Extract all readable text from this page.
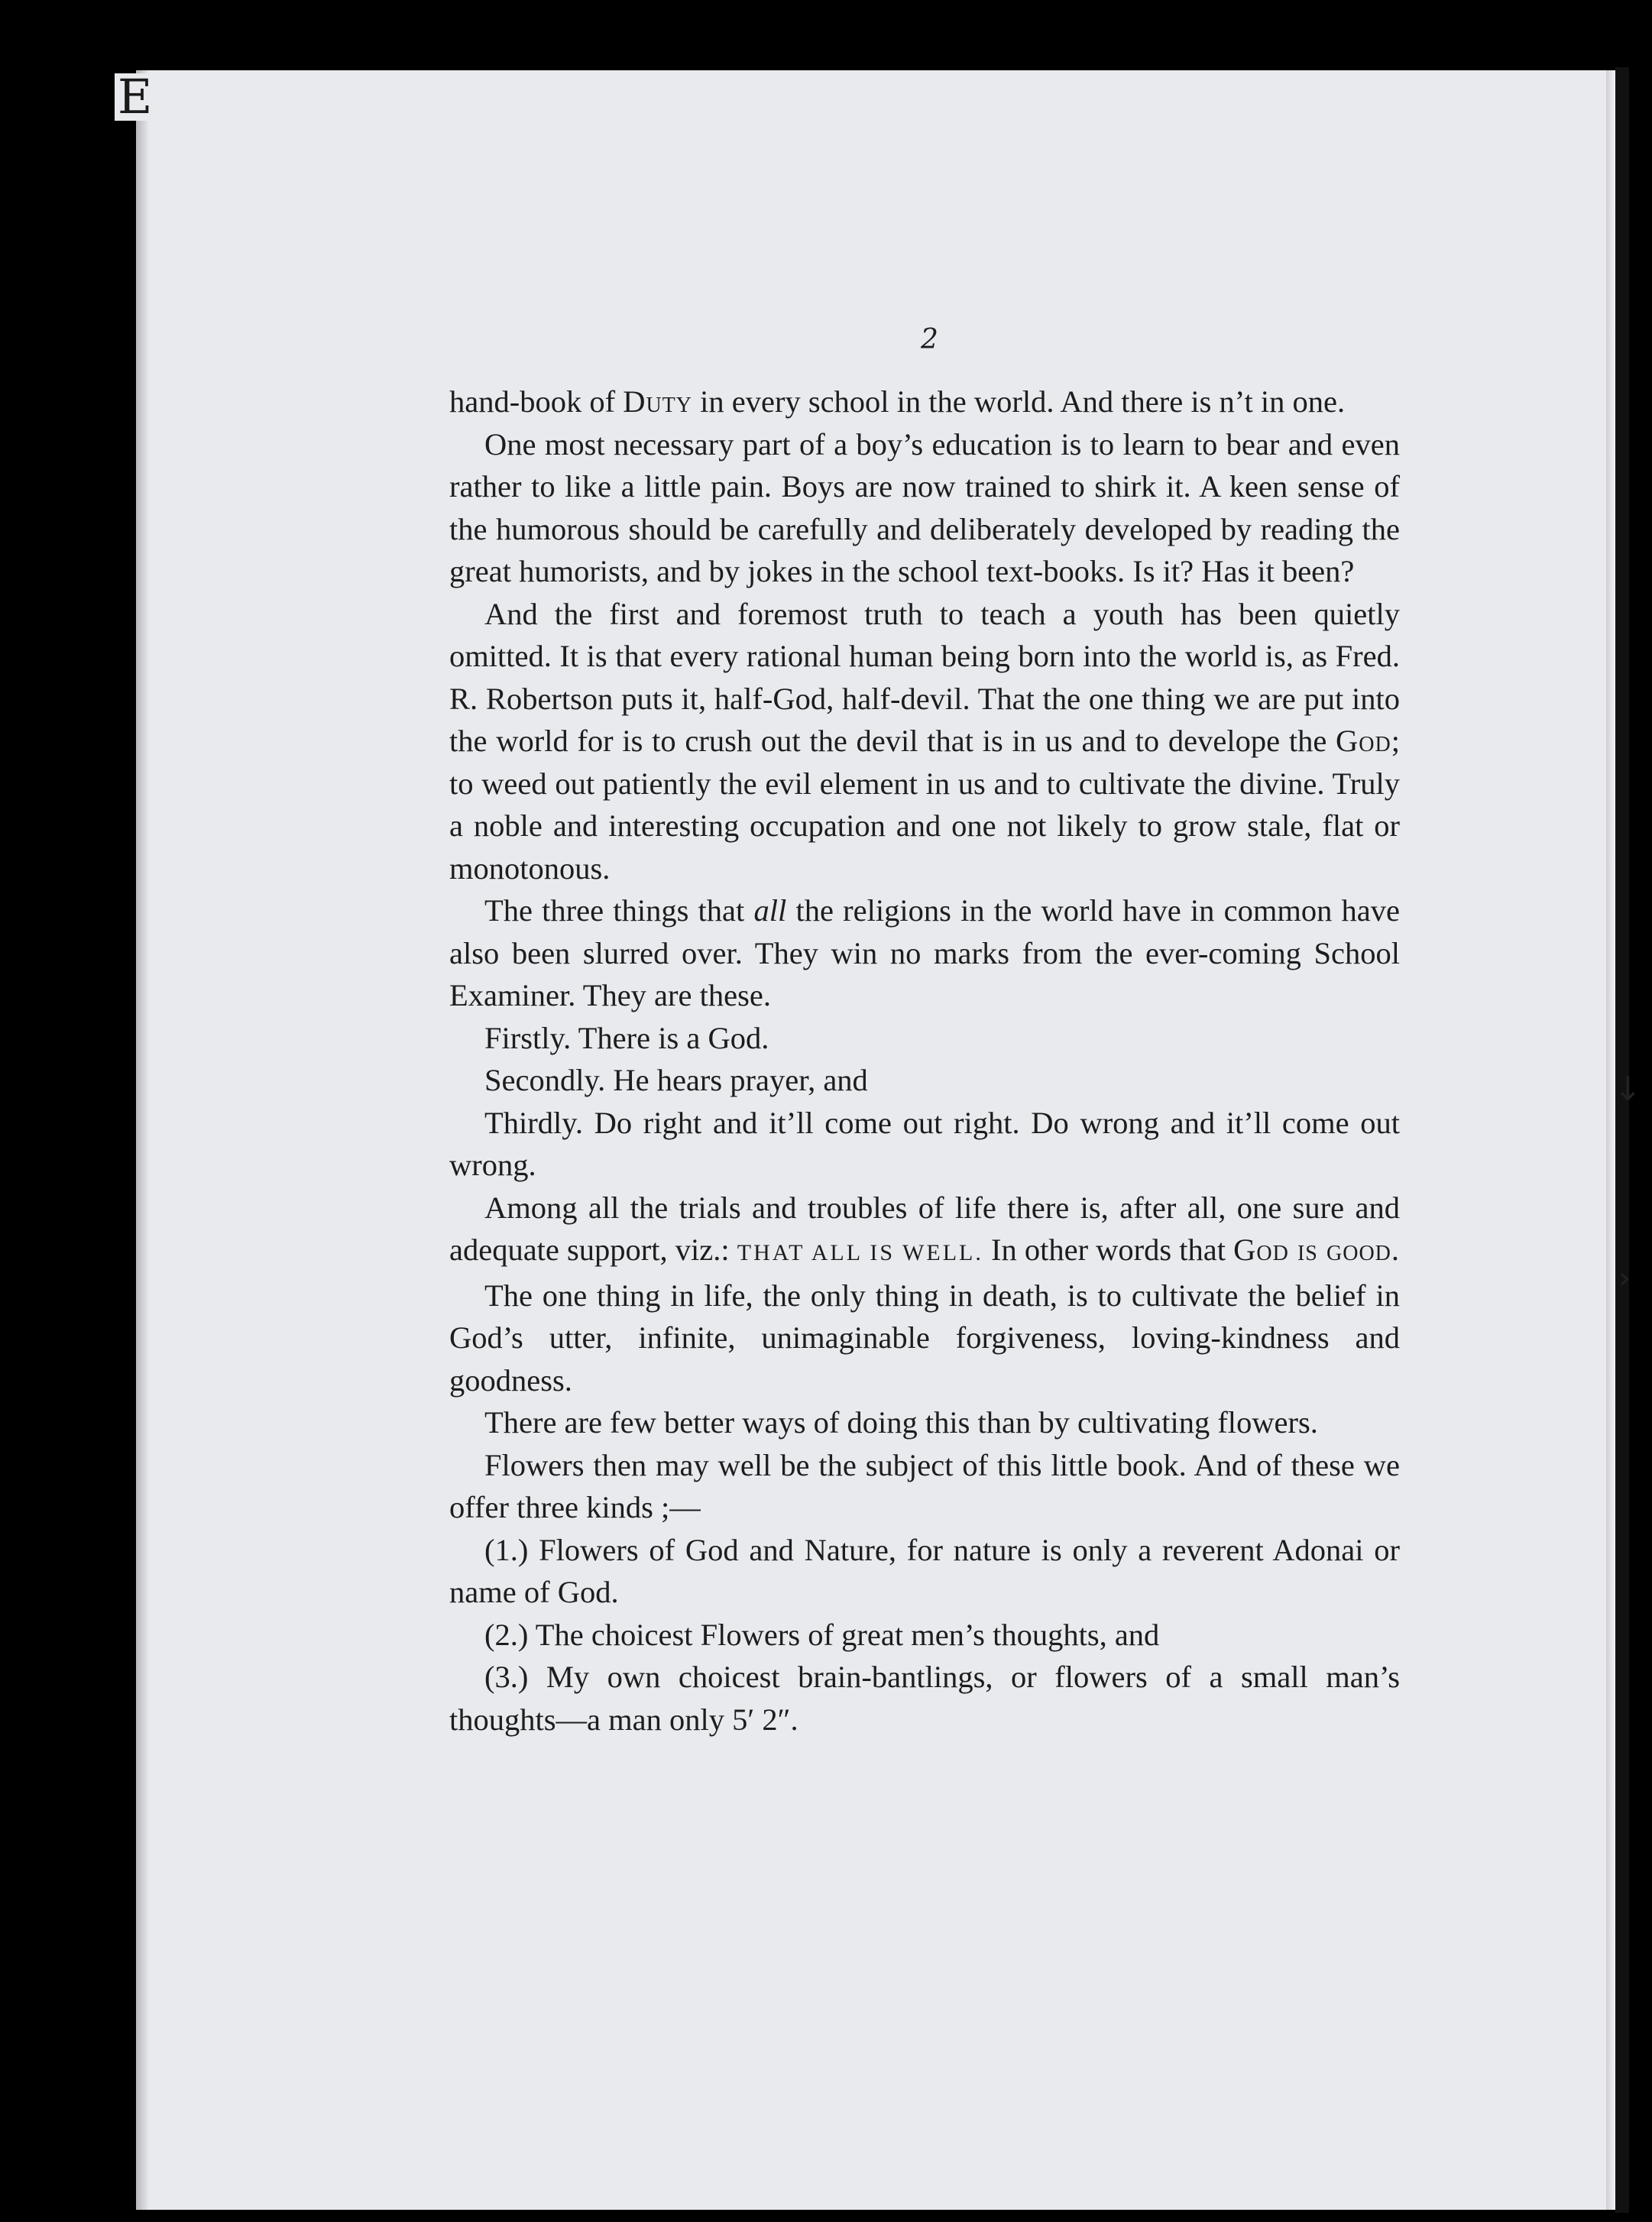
E
2
↓
›

hand-book of Duty in every school in the world. And there is n’t in one.

One most necessary part of a boy’s education is to learn to bear and even rather to like a little pain. Boys are now trained to shirk it. A keen sense of the humorous should be carefully and deliberately developed by reading the great humorists, and by jokes in the school text-books. Is it? Has it been?

And the first and foremost truth to teach a youth has been quietly omitted. It is that every rational human being born into the world is, as Fred. R. Robertson puts it, half-God, half-devil. That the one thing we are put into the world for is to crush out the devil that is in us and to develope the God; to weed out patiently the evil element in us and to cultivate the divine. Truly a noble and interesting occupation and one not likely to grow stale, flat or monotonous.

The three things that all the religions in the world have in common have also been slurred over. They win no marks from the ever-coming School Examiner. They are these.

Firstly. There is a God.

Secondly. He hears prayer, and

Thirdly. Do right and it’ll come out right. Do wrong and it’ll come out wrong.

Among all the trials and troubles of life there is, after all, one sure and adequate support, viz.: THAT ALL IS WELL. In other words that God is good.

The one thing in life, the only thing in death, is to cultivate the belief in God’s utter, infinite, unimaginable forgiveness, loving-kindness and goodness.

There are few better ways of doing this than by cultivating flowers.

Flowers then may well be the subject of this little book. And of these we offer three kinds ;—

(1.) Flowers of God and Nature, for nature is only a reverent Adonai or name of God.

(2.) The choicest Flowers of great men’s thoughts, and

(3.) My own choicest brain-bantlings, or flowers of a small man’s thoughts—a man only 5′ 2″.
